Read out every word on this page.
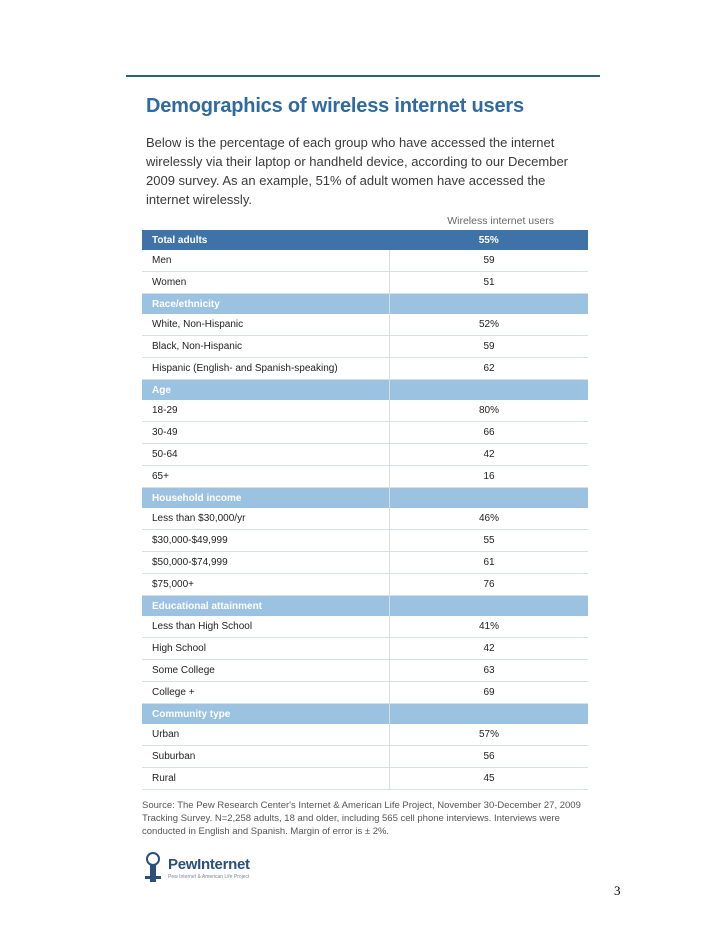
Demographics of wireless internet users
Below is the percentage of each group who have accessed the internet wirelessly via their laptop or handheld device, according to our December 2009 survey. As an example, 51% of adult women have accessed the internet wirelessly.
Wireless internet users
Total adults	55%
Men	59
Women	51
Race/ethnicity	
White, Non-Hispanic	52%
Black, Non-Hispanic	59
Hispanic (English- and Spanish-speaking)	62
Age	
18-29	80%
30-49	66
50-64	42
65+	16
Household income	
Less than $30,000/yr	46%
$30,000-$49,999	55
$50,000-$74,999	61
$75,000+	76
Educational attainment	
Less than High School	41%
High School	42
Some College	63
College +	69
Community type	
Urban	57%
Suburban	56
Rural	45
Source: The Pew Research Center's Internet & American Life Project, November 30-December 27, 2009 Tracking Survey. N=2,258 adults, 18 and older, including 565 cell phone interviews. Interviews were conducted in English and Spanish. Margin of error is ± 2%.
PewInternet
Pew Internet & American Life Project
3
